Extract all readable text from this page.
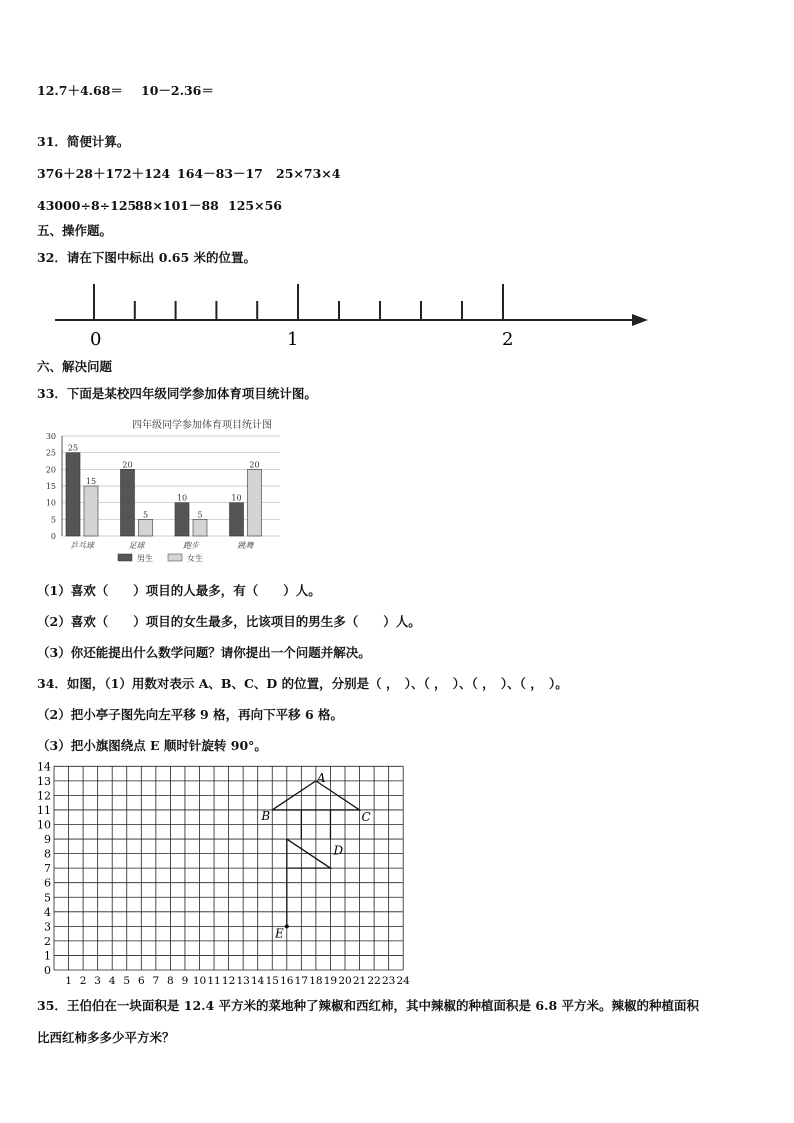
12.7＋4.68＝ 10－2.36＝
31．简便计算。
376＋28＋172＋124 164－83－17 25×73×4
43000÷8÷125
88×101－88 125×56
五、操作题。
32．请在下图中标出 0.65 米的位置。
0	1	2
六、解决问题
33．下面是某校四年级同学参加体育项目统计图。
四年级同学参加体育项目统计图
0
5
10
15
20
25
30
25
15
乒乓球
20
5
足球
10
5
跑步
10
20
跳舞
男生	女生
（1）喜欢（　　）项目的人最多，有（　　）人。
（2）喜欢（　　）项目的女生最多，比该项目的男生多（　　）人。
（3）你还能提出什么数学问题？请你提出一个问题并解决。
34．如图，（1）用数对表示 A、B、C、D 的位置，分别是（ ，　）、（ ，　）、（ ，　）、（ ，　）。
（2）把小亭子图先向左平移 9 格，再向下平移 6 格。
（3）把小旗图绕点 E 顺时针旋转 90°。
0
1
2
3
4
5
6
7
8
9
10
11
12
13
14
1 2 3 4 5 6 7 8 9 10 11 12 13 14 15 16 17 18 19 20 21 22 23 24
A
B	C
D
E
35．王伯伯在一块面积是 12.4 平方米的菜地种了辣椒和西红柿，其中辣椒的种植面积是 6.8 平方米。辣椒的种植面积
比西红柿多多少平方米？
